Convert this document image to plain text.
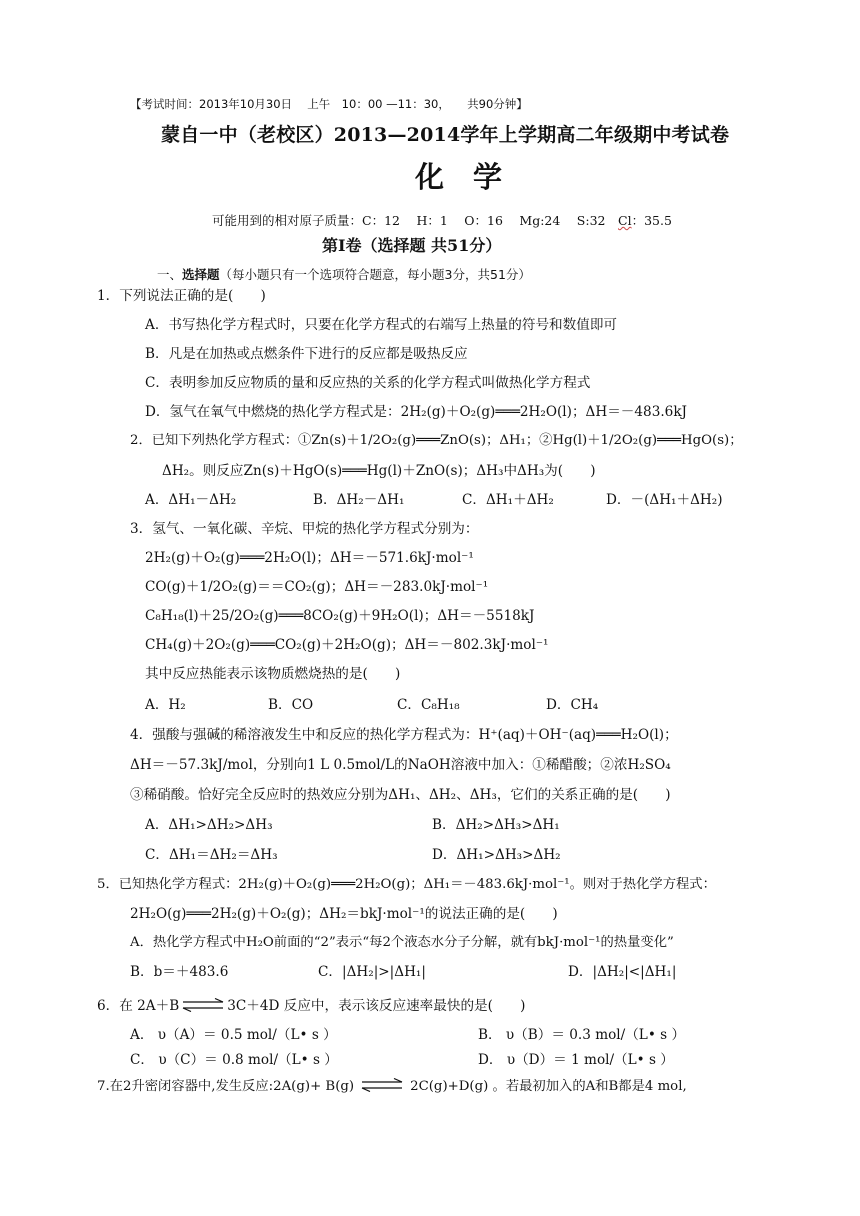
【考试时间：2013年10月30日　 上午　10：00 —11：30，　　共90分钟】
蒙自一中（老校区）2013—2014学年上学期高二年级期中考试卷
化　学
可能用到的相对原子质量：C：12　 H：1　 O：16　 Mg:24　 S:32　Cl：35.5
第Ⅰ卷（选择题 共51分）
一、选择题（每小题只有一个选项符合题意，每小题3分，共51分）
1．下列说法正确的是(　　)
A．书写热化学方程式时，只要在化学方程式的右端写上热量的符号和数值即可
B．凡是在加热或点燃条件下进行的反应都是吸热反应
C．表明参加反应物质的量和反应热的关系的化学方程式叫做热化学方程式
D．氢气在氧气中燃烧的热化学方程式是：2H₂(g)＋O₂(g)═══2H₂O(l)；ΔH＝－483.6kJ
2．已知下列热化学方程式：①Zn(s)＋1/2O₂(g)═══ZnO(s)；ΔH₁；②Hg(l)＋1/2O₂(g)═══HgO(s)；
ΔH₂。则反应Zn(s)＋HgO(s)═══Hg(l)＋ZnO(s)；ΔH₃中ΔH₃为(　　)
A．ΔH₁－ΔH₂	B．ΔH₂－ΔH₁	C．ΔH₁＋ΔH₂	D．－(ΔH₁＋ΔH₂)
3．氢气、一氧化碳、辛烷、甲烷的热化学方程式分别为：
2H₂(g)＋O₂(g)═══2H₂O(l)；ΔH＝－571.6kJ·mol⁻¹
CO(g)＋1/2O₂(g)＝＝CO₂(g)；ΔH＝－283.0kJ·mol⁻¹
C₈H₁₈(l)＋25/2O₂(g)═══8CO₂(g)＋9H₂O(l)；ΔH＝－5518kJ
CH₄(g)＋2O₂(g)═══CO₂(g)＋2H₂O(g)；ΔH＝－802.3kJ·mol⁻¹
其中反应热能表示该物质燃烧热的是(　　)
A．H₂	B．CO	C．C₈H₁₈	D．CH₄
4．强酸与强碱的稀溶液发生中和反应的热化学方程式为：H⁺(aq)＋OH⁻(aq)═══H₂O(l)；
ΔH＝－57.3kJ/mol，分别向1 L 0.5mol/L的NaOH溶液中加入：①稀醋酸；②浓H₂SO₄
③稀硝酸。恰好完全反应时的热效应分别为ΔH₁、ΔH₂、ΔH₃，它们的关系正确的是(　　)
A．ΔH₁>ΔH₂>ΔH₃	B．ΔH₂>ΔH₃>ΔH₁
C．ΔH₁＝ΔH₂＝ΔH₃	D．ΔH₁>ΔH₃>ΔH₂
5．已知热化学方程式：2H₂(g)＋O₂(g)═══2H₂O(g)；ΔH₁＝－483.6kJ·mol⁻¹。则对于热化学方程式：
2H₂O(g)═══2H₂(g)＋O₂(g)；ΔH₂＝bkJ·mol⁻¹的说法正确的是(　　)
A．热化学方程式中H₂O前面的“2”表示“每2个液态水分子分解，就有bkJ·mol⁻¹的热量变化”
B．b＝＋483.6	C．|ΔH₂|>|ΔH₁|	D．|ΔH₂|<|ΔH₁|
6．在 2A＋B ⇌ 3C＋4D 反应中，表示该反应速率最快的是(　　)
A． υ（A）＝ 0.5 mol/（L• s ）	B． υ（B）＝ 0.3 mol/（L• s ）
C． υ（C）＝ 0.8 mol/（L• s ）	D． υ（D）＝ 1 mol/（L• s ）
7.在2升密闭容器中,发生反应:2A(g)+ B(g) ⇌ 2C(g)+D(g) 。若最初加入的A和B都是4 mol,
